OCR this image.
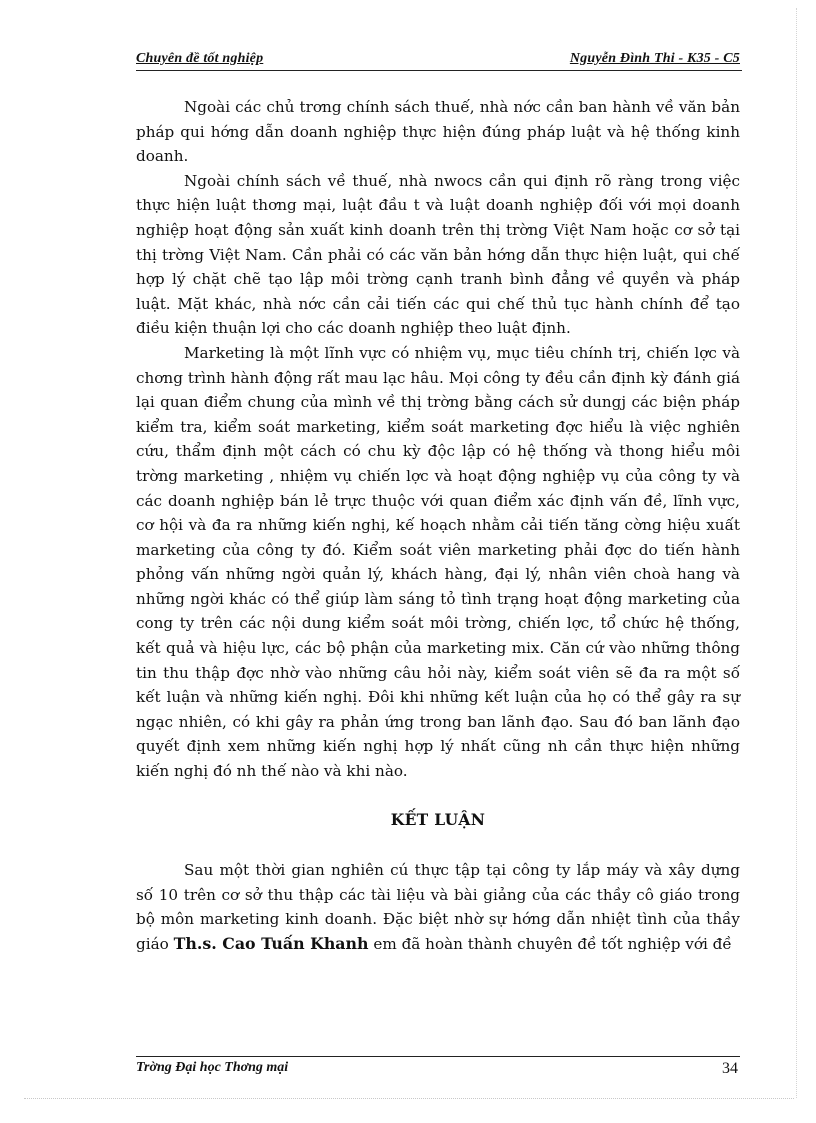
Chuyên đề tốt nghiệp	Nguyễn Đình Thi - K35 - C5

Ngoài các chủ trơng chính sách thuế, nhà nớc cần ban hành về văn bản pháp qui hớng dẫn doanh nghiệp thực hiện đúng pháp luật và hệ thống kinh doanh.

Ngoài chính sách về thuế, nhà nwocs cần qui định rõ ràng trong việc thực hiện luật thơng mại, luật đầu t và luật doanh nghiệp đối với mọi doanh nghiệp hoạt động sản xuất kinh doanh trên thị trờng Việt Nam hoặc cơ sở tại thị trờng Việt Nam. Cần phải có các văn bản hớng dẫn thực hiện luật, qui chế hợp lý chặt chẽ tạo lập môi trờng cạnh tranh bình đẳng về quyền và pháp luật. Mặt khác, nhà nớc cần cải tiến các qui chế thủ tục hành chính để tạo điều kiện thuận lợi cho các doanh nghiệp theo luật định.

Marketing là một lĩnh vực có nhiệm vụ, mục tiêu chính trị, chiến lợc và chơng trình hành động rất mau lạc hâu. Mọi công ty đều cần định kỳ đánh giá lại quan điểm chung của mình về thị trờng bằng cách sử dungj các biện pháp kiểm tra, kiểm soát marketing, kiểm soát marketing đợc hiểu là việc nghiên cứu, thẩm định một cách có chu kỳ độc lập có hệ thống và thong hiểu môi trờng marketing , nhiệm vụ chiến lợc và hoạt động nghiệp vụ của công ty và các doanh nghiệp bán lẻ trực thuộc với quan điểm xác định vấn đề, lĩnh vực, cơ hội và đa ra những kiến nghị, kế hoạch nhằm cải tiến tăng cờng hiệu xuất marketing của công ty đó. Kiểm soát viên marketing phải đợc do tiến hành phỏng vấn những ngời quản lý, khách hàng, đại lý, nhân viên choà hang và những ngời khác có thể giúp làm sáng tỏ tình trạng hoạt động marketing của cong ty trên các nội dung kiểm soát môi trờng, chiến lợc, tổ chức hệ thống, kết quả và hiệu lực, các bộ phận của marketing mix. Căn cứ vào những thông tin thu thập đợc nhờ vào những câu hỏi này, kiểm soát viên sẽ đa ra một số kết luận và những kiến nghị. Đôi khi những kết luận của họ có thể gây ra sự ngạc nhiên, có khi gây ra phản ứng trong ban lãnh đạo. Sau đó ban lãnh đạo quyết định xem những kiến nghị hợp lý nhất cũng nh cần thực hiện những kiến nghị đó nh thế nào và khi nào.

KẾT LUẬN

Sau một thời gian nghiên cú thực tập tại công ty lắp máy và xây dựng số 10 trên cơ sở thu thập các tài liệu và bài giảng của các thầy cô giáo trong bộ môn marketing kinh doanh. Đặc biệt nhờ sự hớng dẫn nhiệt tình của thầy giáo Th.s. Cao Tuấn Khanh em đã hoàn thành chuyên đề tốt nghiệp với đề

Trờng Đại học Thơng mại	34
